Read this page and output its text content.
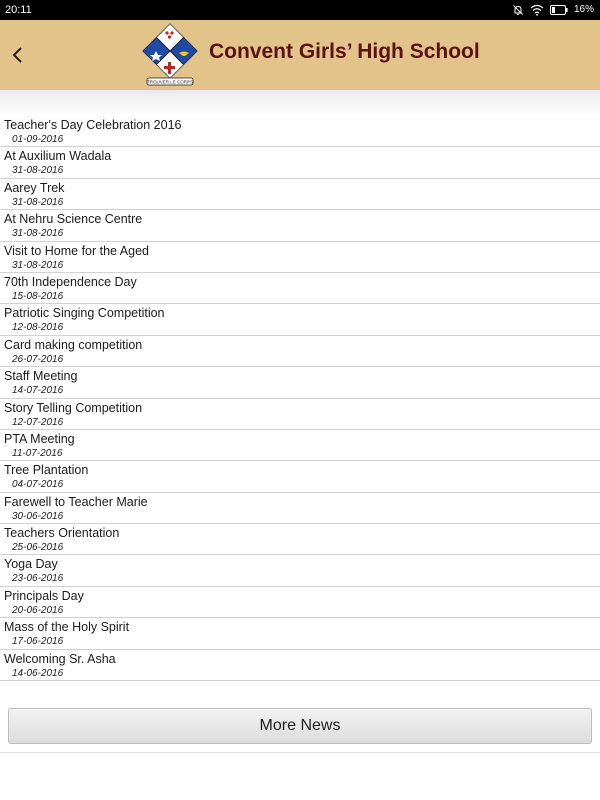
20:11	16%
TROUVER LE CORPS
Convent Girls’ High School
Teacher's Day Celebration 2016
01-09-2016
At Auxilium Wadala
31-08-2016
Aarey Trek
31-08-2016
At Nehru Science Centre
31-08-2016
Visit to Home for the Aged
31-08-2016
70th Independence Day
15-08-2016
Patriotic Singing Competition
12-08-2016
Card making competition
26-07-2016
Staff Meeting
14-07-2016
Story Telling Competition
12-07-2016
PTA Meeting
11-07-2016
Tree Plantation
04-07-2016
Farewell to Teacher Marie
30-06-2016
Teachers Orientation
25-06-2016
Yoga Day
23-06-2016
Principals Day
20-06-2016
Mass of the Holy Spirit
17-06-2016
Welcoming Sr. Asha
14-06-2016
More News
